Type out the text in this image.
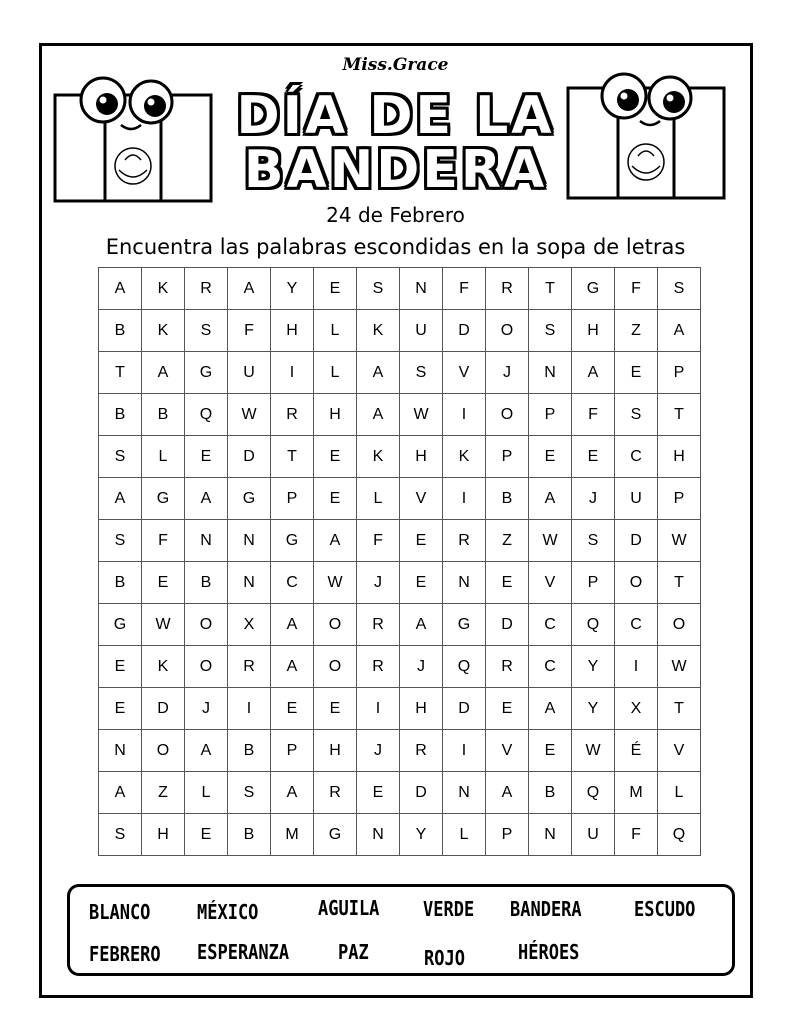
Miss.Grace
DÍA DE LA
BANDERA
24 de Febrero
Encuentra las palabras escondidas en la sopa de letras
A	K	R	A	Y	E	S	N	F	R	T	G	F	S
B	K	S	F	H	L	K	U	D	O	S	H	Z	A
T	A	G	U	I	L	A	S	V	J	N	A	E	P
B	B	Q	W	R	H	A	W	I	O	P	F	S	T
S	L	E	D	T	E	K	H	K	P	E	E	C	H
A	G	A	G	P	E	L	V	I	B	A	J	U	P
S	F	N	N	G	A	F	E	R	Z	W	S	D	W
B	E	B	N	C	W	J	E	N	E	V	P	O	T
G	W	O	X	A	O	R	A	G	D	C	Q	C	O
E	K	O	R	A	O	R	J	Q	R	C	Y	I	W
E	D	J	I	E	E	I	H	D	E	A	Y	X	T
N	O	A	B	P	H	J	R	I	V	E	W	É	V
A	Z	L	S	A	R	E	D	N	A	B	Q	M	L
S	H	E	B	M	G	N	Y	L	P	N	U	F	Q
BLANCO MÉXICO	AGUILA VERDE BANDERA	ESCUDO
FEBRERO ESPERANZA PAZ	ROJO	HÉROES
